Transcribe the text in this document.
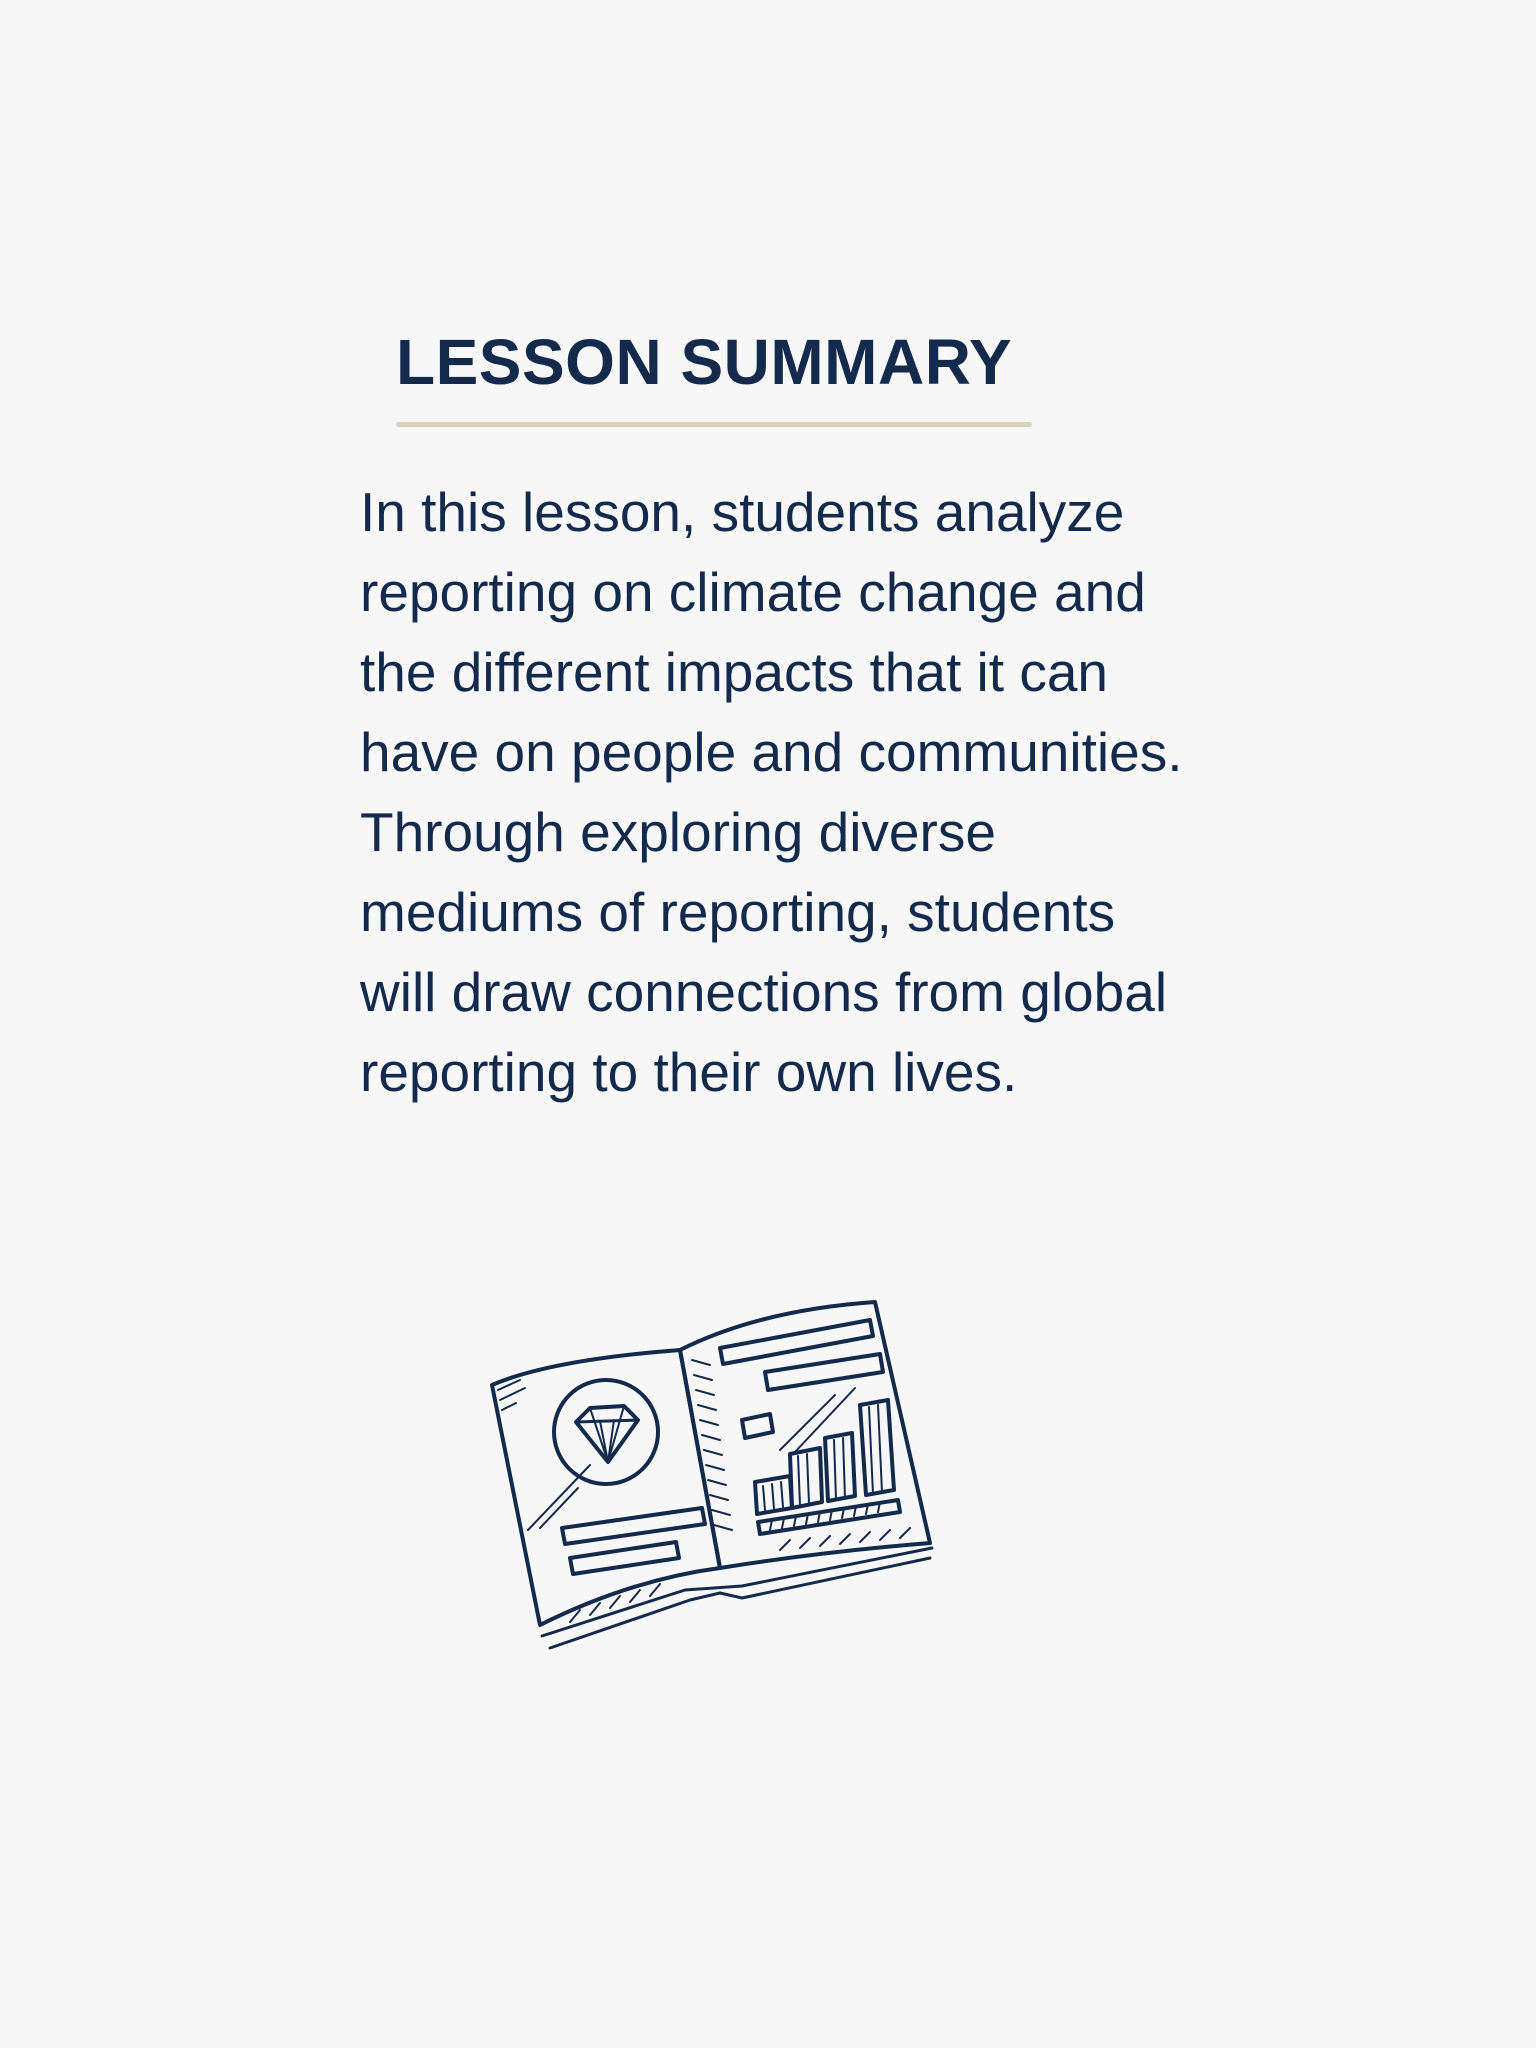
LESSON SUMMARY

In this lesson, students analyze reporting on climate change and the different impacts that it can have on people and communities. Through exploring diverse mediums of reporting, students will draw connections from global reporting to their own lives.
